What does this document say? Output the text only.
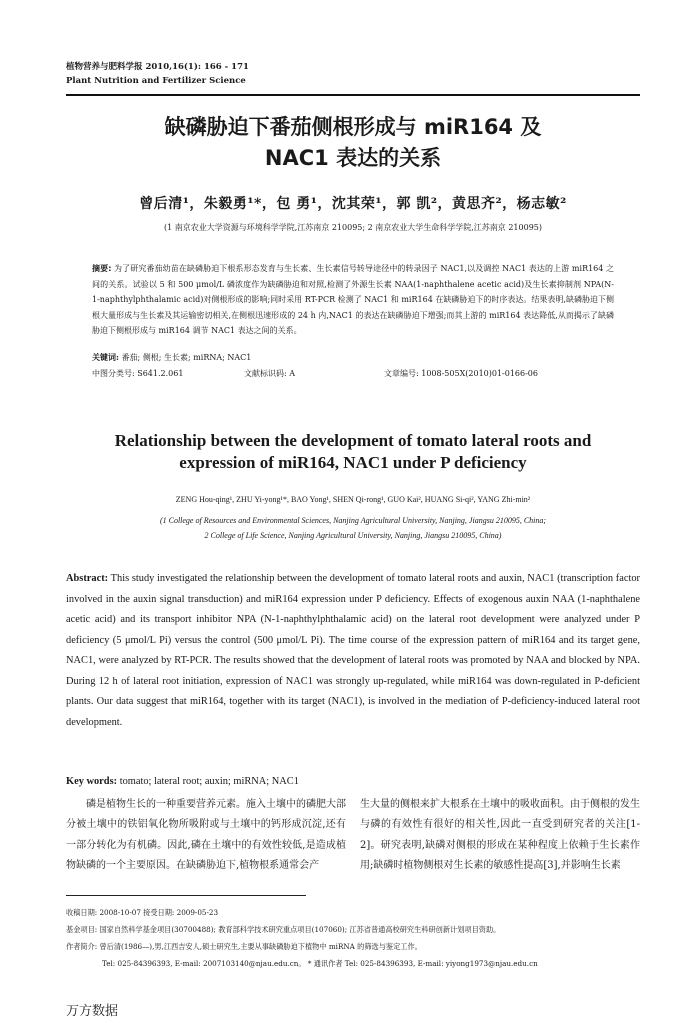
植物营养与肥料学报 2010,16(1): 166 - 171
Plant Nutrition and Fertilizer Science
缺磷胁迫下番茄侧根形成与 miR164 及
NAC1 表达的关系
曾后清¹，朱毅勇¹*，包 勇¹，沈其荣¹，郭 凯²，黄思齐²，杨志敏²
(1 南京农业大学资源与环境科学学院,江苏南京 210095; 2 南京农业大学生命科学学院,江苏南京 210095)
摘要: 为了研究番茄幼苗在缺磷胁迫下根系形态发育与生长素、生长素信号转导途径中的转录因子 NAC1,以及调控 NAC1 表达的上游 miR164 之间的关系。试验以 5 和 500 μmol/L 磷浓度作为缺磷胁迫和对照,检测了外源生长素 NAA(1-naphthalene acetic acid)及生长素抑制剂 NPA(N-1-naphthylphthalamic acid)对侧根形成的影响;同时采用 RT-PCR 检测了 NAC1 和 miR164 在缺磷胁迫下的时序表达。结果表明,缺磷胁迫下侧根大量形成与生长素及其运输密切相关,在侧根迅速形成的 24 h 内,NAC1 的表达在缺磷胁迫下增强;而其上游的 miR164 表达降低,从而揭示了缺磷胁迫下侧根形成与 miR164 调节 NAC1 表达之间的关系。
关键词: 番茄; 侧根; 生长素; miRNA; NAC1
中图分类号: S641.2.061	文献标识码: A	文章编号: 1008-505X(2010)01-0166-06
Relationship between the development of tomato lateral roots and
expression of miR164, NAC1 under P deficiency
ZENG Hou-qing¹, ZHU Yi-yong¹*, BAO Yong¹, SHEN Qi-rong¹, GUO Kai², HUANG Si-qi², YANG Zhi-min²
(1 College of Resources and Environmental Sciences, Nanjing Agricultural University, Nanjing, Jiangsu 210095, China;
2 College of Life Science, Nanjing Agricultural University, Nanjing, Jiangsu 210095, China)
Abstract: This study investigated the relationship between the development of tomato lateral roots and auxin, NAC1 (transcription factor involved in the auxin signal transduction) and miR164 expression under P deficiency. Effects of exogenous auxin NAA (1-naphthalene acetic acid) and its transport inhibitor NPA (N-1-naphthylphthalamic acid) on the lateral root development were analyzed under P deficiency (5 μmol/L Pi) versus the control (500 μmol/L Pi). The time course of the expression pattern of miR164 and its target gene, NAC1, were analyzed by RT-PCR. The results showed that the development of lateral roots was promoted by NAA and blocked by NPA. During 12 h of lateral root initiation, expression of NAC1 was strongly up-regulated, while miR164 was down-regulated in P-deficient plants. Our data suggest that miR164, together with its target (NAC1), is involved in the mediation of P-deficiency-induced lateral root development.
Key words: tomato; lateral root; auxin; miRNA; NAC1
磷是植物生长的一种重要营养元素。施入土壤中的磷肥大部分被土壤中的铁铝氧化物所吸附或与土壤中的钙形成沉淀,还有一部分转化为有机磷。因此,磷在土壤中的有效性较低,是造成植物缺磷的一个主要原因。在缺磷胁迫下,植物根系通常会产
生大量的侧根来扩大根系在土壤中的吸收面积。由于侧根的发生与磷的有效性有很好的相关性,因此一直受到研究者的关注[1-2]。研究表明,缺磷对侧根的形成在某种程度上依赖于生长素作用;缺磷时植物侧根对生长素的敏感性提高[3],并影响生长素
收稿日期: 2008-10-07 接受日期: 2009-05-23
基金项目: 国家自然科学基金项目(30700488); 教育部科学技术研究重点项目(107060); 江苏省普通高校研究生科研创新计划项目资助。
作者简介: 曾后清(1986—),男,江西吉安人,硕士研究生,主要从事缺磷胁迫下植物中 miRNA 的筛选与鉴定工作。
Tel: 025-84396393, E-mail: 2007103140@njau.edu.cn。 * 通讯作者 Tel: 025-84396393, E-mail: yiyong1973@njau.edu.cn
万方数据
